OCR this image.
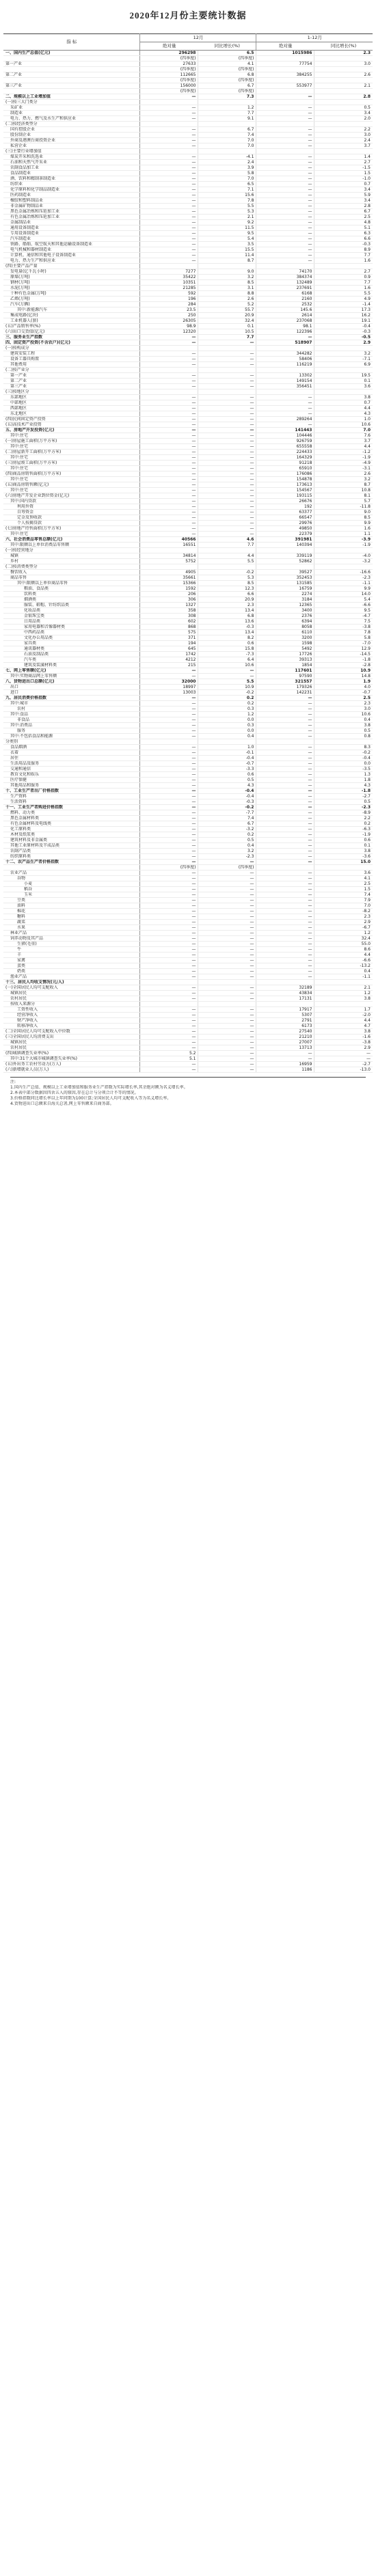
2020年12月份主要统计数据
指 标	12月		1-12月	
	绝对量	同比增长(%)	绝对量	同比增长(%)
一、国内生产总值(亿元)	296298	6.5	1015986	2.3
	(四季度)	(四季度)		
第一产业	27633	4.1	77754	3.0
	(四季度)	(四季度)		
第二产业	112665	6.8	384255	2.6
	(四季度)	(四季度)		
第三产业	156000	6.7	553977	2.1
	(四季度)	(四季度)		
二、规模以上工业增加值	—	7.3	—	2.8
(一)按三大门类分				
采矿业	—	1.2	—	0.5
制造业	—	7.7	—	3.4
电力、热力、燃气及水生产和供应业	—	9.1	—	2.0
(二)按经济类型分				
国有控股企业	—	6.7	—	2.2
股份制企业	—	7.4	—	3.0
外商及港澳台商投资企业	—	7.0	—	2.4
私营企业	—	7.0	—	3.7
(三)主要行业增加值				
煤炭开采和洗选业	—	-4.1	—	1.4
石油和天然气开采业	—	2.4	—	2.7
农副食品加工业	—	3.9	—	-1.5
食品制造业	—	5.8	—	1.5
酒、饮料和精制茶制造业	—	7.0	—	-1.0
纺织业	—	6.5	—	0.7
化学原料和化学制品制造业	—	7.1	—	3.4
医药制造业	—	15.6	—	5.9
橡胶和塑料制品业	—	7.8	—	3.4
非金属矿物制品业	—	5.5	—	2.8
黑色金属冶炼和压延加工业	—	5.3	—	6.7
有色金属冶炼和压延加工业	—	2.1	—	2.5
金属制品业	—	9.2	—	4.8
通用设备制造业	—	11.5	—	5.1
专用设备制造业	—	9.5	—	6.3
汽车制造业	—	5.4	—	6.6
铁路、船舶、航空航天和其他运输设备制造业	—	3.5	—	-0.3
电气机械和器材制造业	—	15.5	—	8.9
计算机、通信和其他电子设备制造业	—	11.4	—	7.7
电力、热力生产和供应业	—	8.7	—	1.6
(四)主要产品产量				
发电量(亿千瓦小时)	7277	9.0	74170	2.7
原煤(万吨)	35422	3.2	384374	0.9
钢材(万吨)	10351	8.5	132489	7.7
水泥(万吨)	21285	3.1	237691	1.6
十种有色金属(万吨)	592	8.8	6168	5.5
乙烯(万吨)	196	2.6	2160	4.9
汽车(万辆)	284	5.2	2532	-1.4
其中:新能源汽车	23.5	55.7	145.6	17.3
集成电路(亿块)	250	20.9	2614	16.2
工业机器人(套)	26305	32.4	237068	19.1
(五)产品销售率(%)	98.9	0.1	98.1	-0.4
(六)出口交货值(亿元)	12320	10.5	122396	-0.3
三、服务业生产指数	—	7.7	—	-0.5
四、固定资产投资(不含农户)(亿元)	—	—	518907	2.9
(一)按构成分				
建筑安装工程	—	—	344282	3.2
设备工器具购置	—	—	58406	-7.1
其他费用	—	—	116219	6.9
(二)按产业分				
第一产业	—	—	13302	19.5
第二产业	—	—	149154	0.1
第三产业	—	—	356451	3.6
(三)按地区分				
东部地区	—	—	—	3.8
中部地区	—	—	—	0.7
西部地区	—	—	—	4.4
东北地区	—	—	—	4.3
(四)民间固定资产投资	—	—	289264	1.0
(五)高技术产业投资	—	—	—	10.6
五、房地产开发投资(亿元)	—	—	141443	7.0
其中:住宅	—	—	104446	7.6
(一)房屋施工面积(万平方米)	—	—	926759	3.7
其中:住宅	—	—	655558	4.4
(二)房屋新开工面积(万平方米)	—	—	224433	-1.2
其中:住宅	—	—	164329	-1.9
(三)房屋竣工面积(万平方米)	—	—	91218	-4.9
其中:住宅	—	—	65910	-3.1
(四)商品房销售面积(万平方米)	—	—	176086	2.6
其中:住宅	—	—	154878	3.2
(五)商品房销售额(亿元)	—	—	173613	8.7
其中:住宅	—	—	154567	10.8
(六)房地产开发企业到位资金(亿元)	—	—	193115	8.1
其中:国内贷款	—	—	26676	5.7
利用外资	—	—	192	-11.8
自筹资金	—	—	63377	9.0
定金及预收款	—	—	66547	8.5
个人按揭贷款	—	—	29976	9.9
(七)房地产待售面积(万平方米)	—	—	49850	1.6
其中:住宅	—	—	22379	1.1
六、社会消费品零售总额(亿元)	40566	4.6	391981	-3.9
其中:限额以上单位消费品零售额	16551	7.7	140394	-1.9
(一)按经营地分				
城镇	34814	4.4	339119	-4.0
乡村	5752	5.5	52862	-3.2
(二)按消费类型分				
餐饮收入	4905	-0.2	39527	-16.6
商品零售	35661	5.3	352453	-2.3
其中:限额以上单位商品零售	15366	8.5	131585	-1.1
粮油、食品类	1592	12.3	16759	9.9
饮料类	206	6.6	2274	14.0
烟酒类	306	20.9	3184	5.4
服装、鞋帽、针纺织品类	1327	2.3	12365	-6.6
化妆品类	358	13.4	3400	9.5
金银珠宝类	308	6.8	2376	-4.7
日用品类	602	13.6	6394	7.5
家用电器和音像器材类	868	-0.3	8058	-3.8
中西药品类	575	13.4	6110	7.8
文化办公用品类	371	8.2	3200	5.8
家具类	194	0.6	1598	-7.0
通讯器材类	645	15.8	5492	12.9
石油及制品类	1742	-7.3	17726	-14.5
汽车类	4212	6.4	39313	-1.8
建筑及装潢材料类	215	10.6	1854	-2.8
七、网上零售额(亿元)	—	—	117601	10.9
其中:实物商品网上零售额	—	—	97590	14.8
八、货物进出口总额(亿元)	32000	5.5	321557	1.9
出口	18997	10.9	179326	4.0
进口	13003	-0.2	142231	-0.7
九、居民消费价格指数	—	0.2	—	2.5
其中:城市	—	0.2	—	2.3
农村	—	0.3	—	3.0
其中:食品	—	1.2	—	10.6
非食品	—	0.0	—	0.4
其中:消费品	—	0.3	—	3.8
服务	—	0.0	—	0.5
其中:不包括食品和能源	—	0.4	—	0.8
分类别				
食品烟酒	—	1.0	—	8.3
衣着	—	-0.1	—	-0.2
居住	—	-0.4	—	-0.4
生活用品及服务	—	-0.7	—	0.0
交通和通信	—	-3.3	—	-3.5
教育文化和娱乐	—	0.6	—	1.3
医疗保健	—	0.5	—	1.8
其他用品和服务	—	4.3	—	4.3
十、工业生产者出厂价格指数	—	-0.4	—	-1.8
生产资料	—	-0.4	—	-2.7
生活资料	—	-0.3	—	0.5
十一、工业生产者购进价格指数	—	-0.2	—	-2.3
燃料、动力类	—	-7.7	—	-8.9
黑色金属材料类	—	7.4	—	2.2
有色金属材料及电线类	—	6.7	—	0.2
化工原料类	—	-3.2	—	-6.3
木材及纸浆类	—	0.2	—	-1.9
建筑材料及非金属类	—	0.5	—	0.6
其他工业原材料及半成品类	—	0.4	—	0.1
农副产品类	—	3.2	—	3.8
纺织原料类	—	-2.3	—	-3.6
十二、农产品生产者价格指数	—	—	—	15.0
	(四季度)	(四季度)		
农业产品	—	—	—	3.6
谷物	—	—	—	4.1
小麦	—	—	—	2.5
稻谷	—	—	—	1.5
玉米	—	—	—	7.4
豆类	—	—	—	7.9
油料	—	—	—	7.0
棉花	—	—	—	-8.2
糖料	—	—	—	2.3
蔬菜	—	—	—	2.9
水果	—	—	—	-6.7
林业产品	—	—	—	1.2
饲养动物及其产品	—	—	—	32.4
生猪(毛重)	—	—	—	55.0
牛	—	—	—	8.6
羊	—	—	—	4.4
家禽	—	—	—	-6.6
蛋类	—	—	—	-13.2
奶类	—	—	—	0.4
渔业产品	—	—	—	-1.1
十三、居民人均收支情况(元/人)				
(一)全国居民人均可支配收入	—	—	32189	2.1
城镇居民	—	—	43834	1.2
农村居民	—	—	17131	3.8
按收入来源分				
工资性收入	—	—	17917	1.7
经营净收入	—	—	5307	-2.0
财产净收入	—	—	2791	4.4
转移净收入	—	—	6173	4.7
(二)全国居民人均可支配收入中位数	—	—	27540	3.8
(三)全国居民人均消费支出	—	—	21210	-1.6
城镇居民	—	—	27007	-3.8
农村居民	—	—	13713	2.9
(四)城镇调查失业率(%)	5.2	—	—	—
其中:31个大城市城镇调查失业率(%)	5.1	—	—	—
(五)外出务工农村劳动力(万人)	—	—	16959	-2.7
(六)新增就业人员(万人)	—	—	1186	-13.0
注:
1.国内生产总值、规模以上工业增加值和服务业生产指数为实际增长率,其余绝对额为名义增长率。
2.本表中部分数据因四舍五入的原因,存在总计与分项合计不等的情况。
3.价格指数同比增长率以上年同期为100计算;全国居民人均可支配收入等为名义增长率。
4.货物进出口总额来自海关总署,网上零售额来自商务部。
